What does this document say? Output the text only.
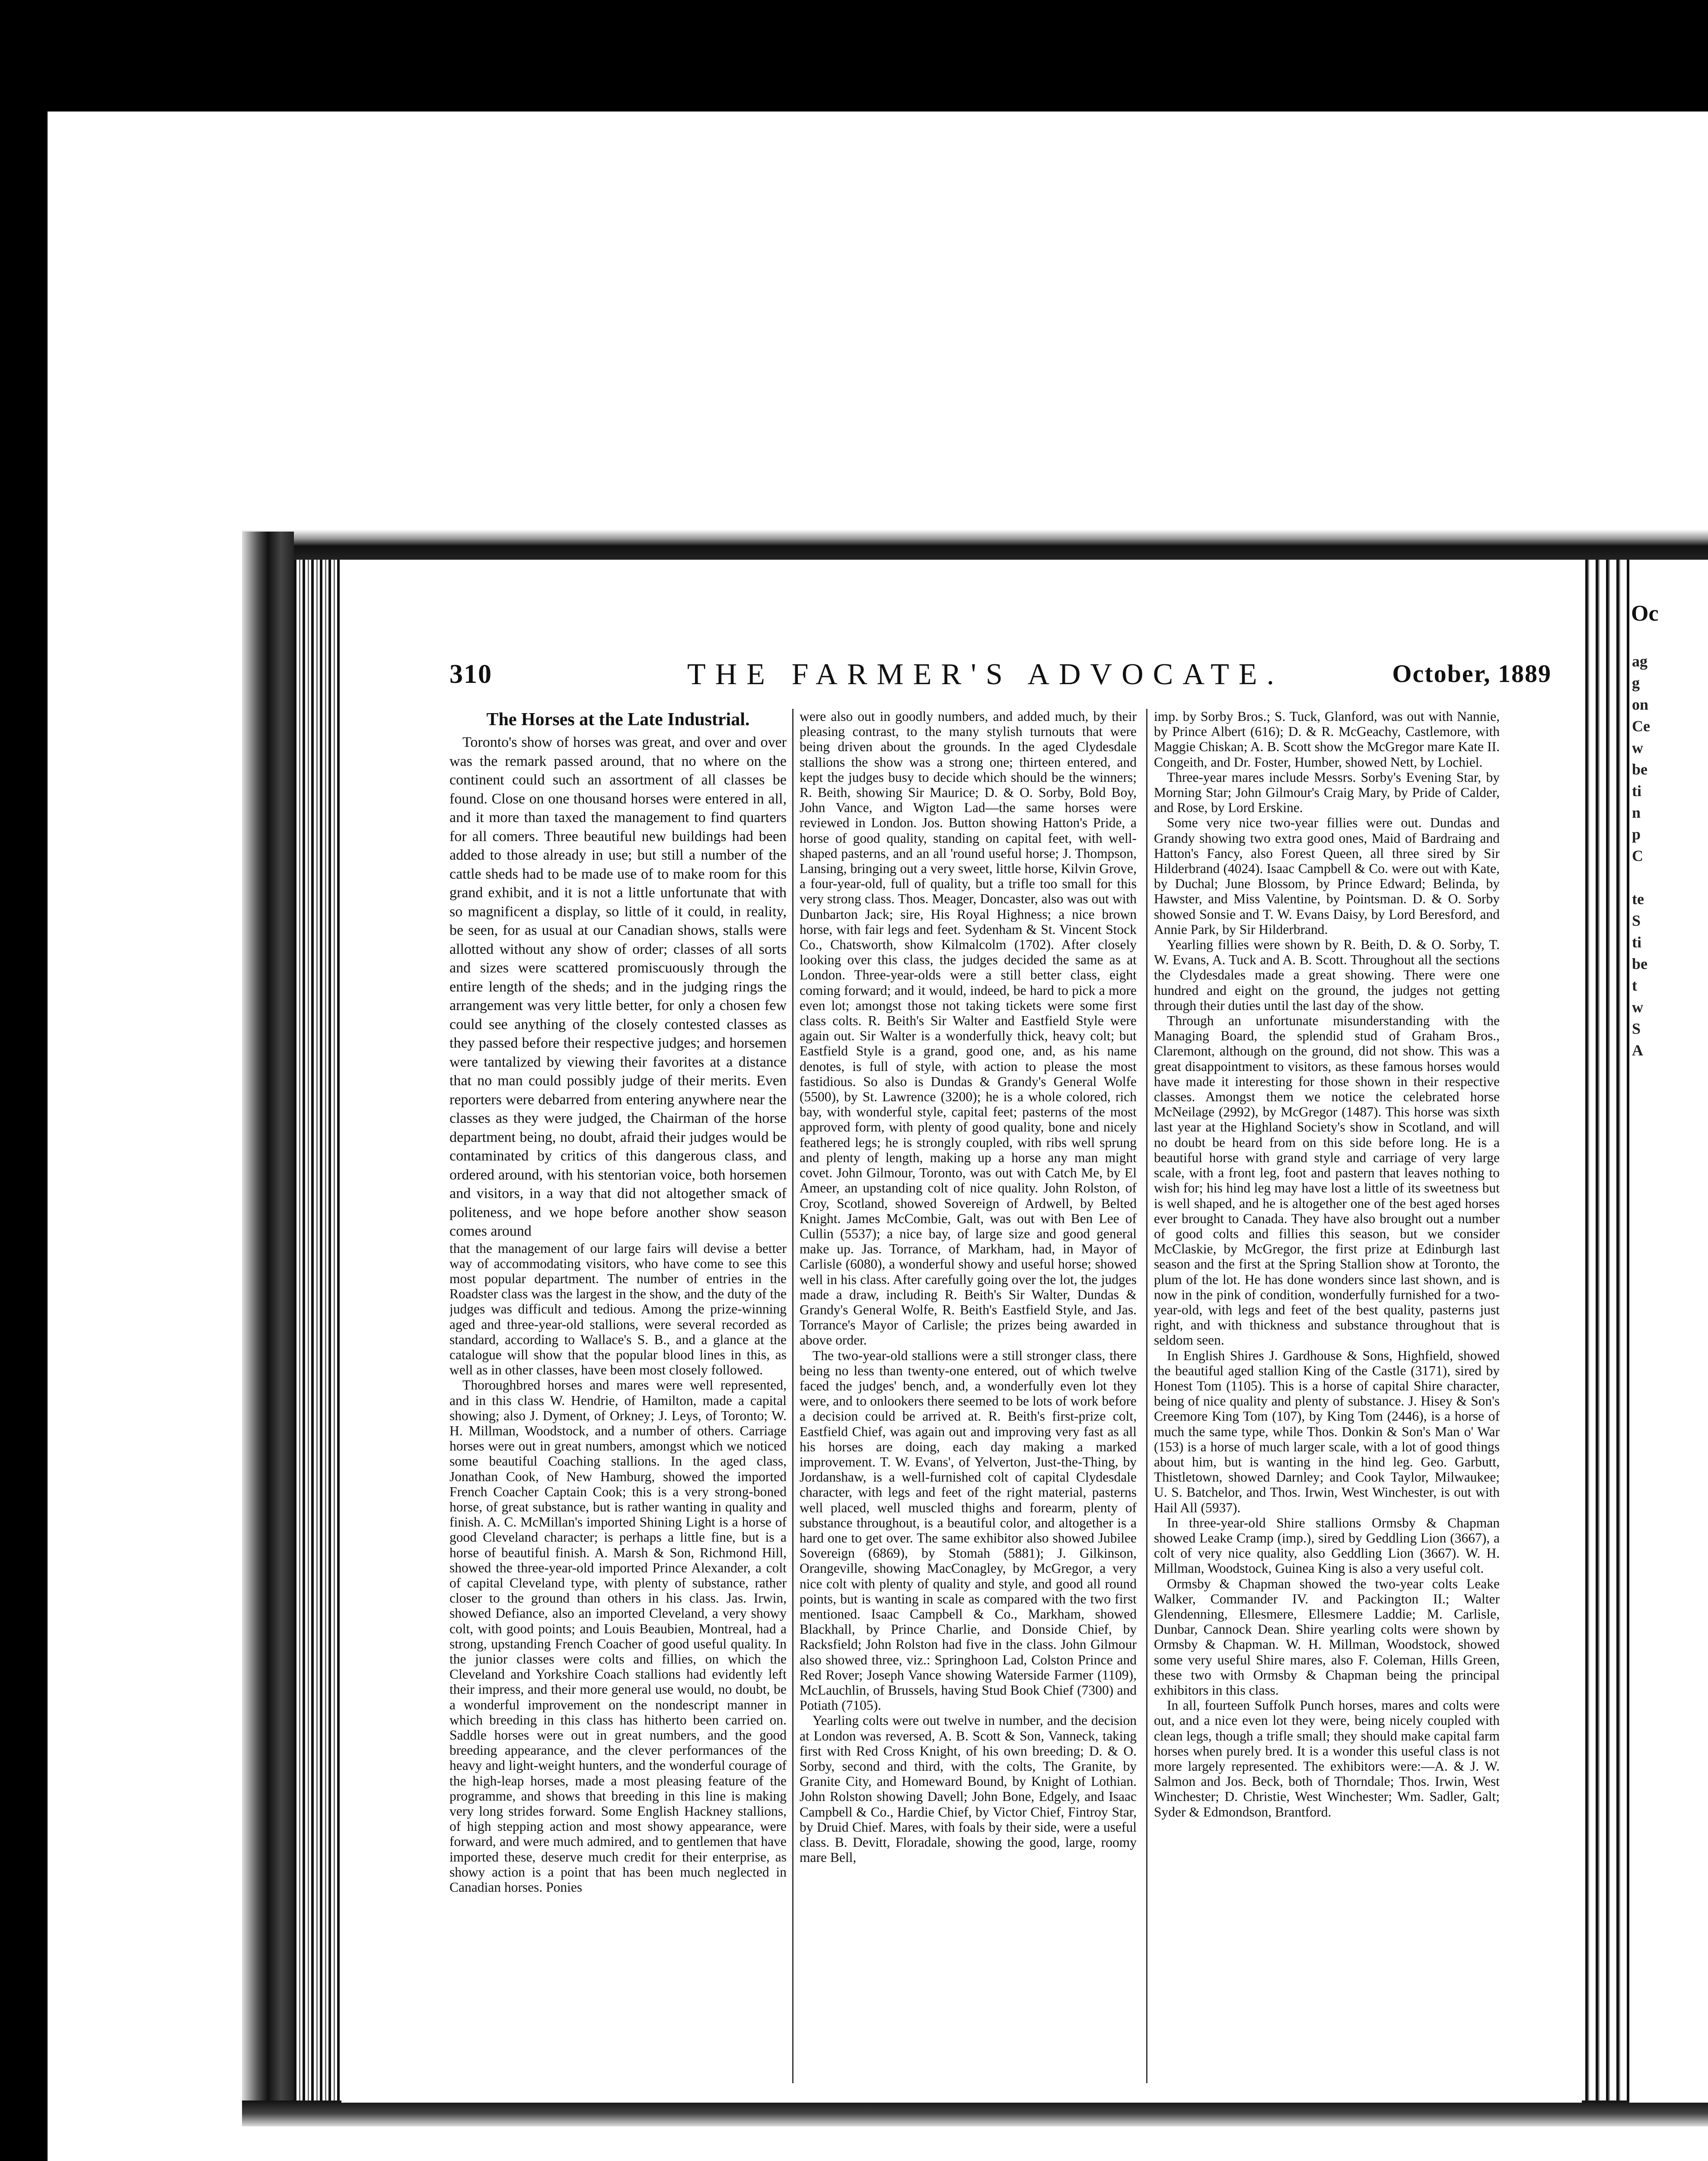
Oc
ag
g
on
Ce
w
be
ti
n
p
C

te
S
ti
be
t
w
S
A
310	THE FARMER'S ADVOCATE.	October, 1889
The Horses at the Late Industrial.

Toronto's show of horses was great, and over and over was the remark passed around, that no where on the continent could such an assortment of all classes be found. Close on one thousand horses were entered in all, and it more than taxed the management to find quarters for all comers. Three beautiful new buildings had been added to those already in use; but still a number of the cattle sheds had to be made use of to make room for this grand exhibit, and it is not a little unfortunate that with so magnificent a display, so little of it could, in reality, be seen, for as usual at our Canadian shows, stalls were allotted without any show of order; classes of all sorts and sizes were scattered promiscuously through the entire length of the sheds; and in the judging rings the arrangement was very little better, for only a chosen few could see anything of the closely contested classes as they passed before their respective judges; and horsemen were tantalized by viewing their favorites at a distance that no man could possibly judge of their merits. Even reporters were debarred from entering anywhere near the classes as they were judged, the Chairman of the horse department being, no doubt, afraid their judges would be contaminated by critics of this dangerous class, and ordered around, with his stentorian voice, both horsemen and visitors, in a way that did not altogether smack of politeness, and we hope before another show season comes around

that the management of our large fairs will devise a better way of accommodating visitors, who have come to see this most popular department. The number of entries in the Roadster class was the largest in the show, and the duty of the judges was difficult and tedious. Among the prize-winning aged and three-year-old stallions, were several recorded as standard, according to Wallace's S. B., and a glance at the catalogue will show that the popular blood lines in this, as well as in other classes, have been most closely followed.

Thoroughbred horses and mares were well represented, and in this class W. Hendrie, of Hamilton, made a capital showing; also J. Dyment, of Orkney; J. Leys, of Toronto; W. H. Millman, Woodstock, and a number of others. Carriage horses were out in great numbers, amongst which we noticed some beautiful Coaching stallions. In the aged class, Jonathan Cook, of New Hamburg, showed the imported French Coacher Captain Cook; this is a very strong-boned horse, of great substance, but is rather wanting in quality and finish. A. C. McMillan's imported Shining Light is a horse of good Cleveland character; is perhaps a little fine, but is a horse of beautiful finish. A. Marsh & Son, Richmond Hill, showed the three-year-old imported Prince Alexander, a colt of capital Cleveland type, with plenty of substance, rather closer to the ground than others in his class. Jas. Irwin, showed Defiance, also an imported Cleveland, a very showy colt, with good points; and Louis Beaubien, Montreal, had a strong, upstanding French Coacher of good useful quality. In the junior classes were colts and fillies, on which the Cleveland and Yorkshire Coach stallions had evidently left their impress, and their more general use would, no doubt, be a wonderful improvement on the nondescript manner in which breeding in this class has hitherto been carried on. Saddle horses were out in great numbers, and the good breeding appearance, and the clever performances of the heavy and light-weight hunters, and the wonderful courage of the high-leap horses, made a most pleasing feature of the programme, and shows that breeding in this line is making very long strides forward. Some English Hackney stallions, of high stepping action and most showy appearance, were forward, and were much admired, and to gentlemen that have imported these, deserve much credit for their enterprise, as showy action is a point that has been much neglected in Canadian horses. Ponies

were also out in goodly numbers, and added much, by their pleasing contrast, to the many stylish turnouts that were being driven about the grounds. In the aged Clydesdale stallions the show was a strong one; thirteen entered, and kept the judges busy to decide which should be the winners; R. Beith, showing Sir Maurice; D. & O. Sorby, Bold Boy, John Vance, and Wigton Lad—the same horses were reviewed in London. Jos. Button showing Hatton's Pride, a horse of good quality, standing on capital feet, with well-shaped pasterns, and an all 'round useful horse; J. Thompson, Lansing, bringing out a very sweet, little horse, Kilvin Grove, a four-year-old, full of quality, but a trifle too small for this very strong class. Thos. Meager, Doncaster, also was out with Dunbarton Jack; sire, His Royal Highness; a nice brown horse, with fair legs and feet. Sydenham & St. Vincent Stock Co., Chatsworth, show Kilmalcolm (1702). After closely looking over this class, the judges decided the same as at London. Three-year-olds were a still better class, eight coming forward; and it would, indeed, be hard to pick a more even lot; amongst those not taking tickets were some first class colts. R. Beith's Sir Walter and Eastfield Style were again out. Sir Walter is a wonderfully thick, heavy colt; but Eastfield Style is a grand, good one, and, as his name denotes, is full of style, with action to please the most fastidious. So also is Dundas & Grandy's General Wolfe (5500), by St. Lawrence (3200); he is a whole colored, rich bay, with wonderful style, capital feet; pasterns of the most approved form, with plenty of good quality, bone and nicely feathered legs; he is strongly coupled, with ribs well sprung and plenty of length, making up a horse any man might covet. John Gilmour, Toronto, was out with Catch Me, by El Ameer, an upstanding colt of nice quality. John Rolston, of Croy, Scotland, showed Sovereign of Ardwell, by Belted Knight. James McCombie, Galt, was out with Ben Lee of Cullin (5537); a nice bay, of large size and good general make up. Jas. Torrance, of Markham, had, in Mayor of Carlisle (6080), a wonderful showy and useful horse; showed well in his class. After carefully going over the lot, the judges made a draw, including R. Beith's Sir Walter, Dundas & Grandy's General Wolfe, R. Beith's Eastfield Style, and Jas. Torrance's Mayor of Carlisle; the prizes being awarded in above order.

The two-year-old stallions were a still stronger class, there being no less than twenty-one entered, out of which twelve faced the judges' bench, and, a wonderfully even lot they were, and to onlookers there seemed to be lots of work before a decision could be arrived at. R. Beith's first-prize colt, Eastfield Chief, was again out and improving very fast as all his horses are doing, each day making a marked improvement. T. W. Evans', of Yelverton, Just-the-Thing, by Jordanshaw, is a well-furnished colt of capital Clydesdale character, with legs and feet of the right material, pasterns well placed, well muscled thighs and forearm, plenty of substance throughout, is a beautiful color, and altogether is a hard one to get over. The same exhibitor also showed Jubilee Sovereign (6869), by Stomah (5881); J. Gilkinson, Orangeville, showing MacConagley, by McGregor, a very nice colt with plenty of quality and style, and good all round points, but is wanting in scale as compared with the two first mentioned. Isaac Campbell & Co., Markham, showed Blackhall, by Prince Charlie, and Donside Chief, by Racksfield; John Rolston had five in the class. John Gilmour also showed three, viz.: Springhoon Lad, Colston Prince and Red Rover; Joseph Vance showing Waterside Farmer (1109), McLauchlin, of Brussels, having Stud Book Chief (7300) and Potiath (7105).

Yearling colts were out twelve in number, and the decision at London was reversed, A. B. Scott & Son, Vanneck, taking first with Red Cross Knight, of his own breeding; D. & O. Sorby, second and third, with the colts, The Granite, by Granite City, and Homeward Bound, by Knight of Lothian. John Rolston showing Davell; John Bone, Edgely, and Isaac Campbell & Co., Hardie Chief, by Victor Chief, Fintroy Star, by Druid Chief. Mares, with foals by their side, were a useful class. B. Devitt, Floradale, showing the good, large, roomy mare Bell,

imp. by Sorby Bros.; S. Tuck, Glanford, was out with Nannie, by Prince Albert (616); D. & R. McGeachy, Castlemore, with Maggie Chiskan; A. B. Scott show the McGregor mare Kate II. Congeith, and Dr. Foster, Humber, showed Nett, by Lochiel.

Three-year mares include Messrs. Sorby's Evening Star, by Morning Star; John Gilmour's Craig Mary, by Pride of Calder, and Rose, by Lord Erskine.

Some very nice two-year fillies were out. Dundas and Grandy showing two extra good ones, Maid of Bardraing and Hatton's Fancy, also Forest Queen, all three sired by Sir Hilderbrand (4024). Isaac Campbell & Co. were out with Kate, by Duchal; June Blossom, by Prince Edward; Belinda, by Hawster, and Miss Valentine, by Pointsman. D. & O. Sorby showed Sonsie and T. W. Evans Daisy, by Lord Beresford, and Annie Park, by Sir Hilderbrand.

Yearling fillies were shown by R. Beith, D. & O. Sorby, T. W. Evans, A. Tuck and A. B. Scott. Throughout all the sections the Clydesdales made a great showing. There were one hundred and eight on the ground, the judges not getting through their duties until the last day of the show.

Through an unfortunate misunderstanding with the Managing Board, the splendid stud of Graham Bros., Claremont, although on the ground, did not show. This was a great disappointment to visitors, as these famous horses would have made it interesting for those shown in their respective classes. Amongst them we notice the celebrated horse McNeilage (2992), by McGregor (1487). This horse was sixth last year at the Highland Society's show in Scotland, and will no doubt be heard from on this side before long. He is a beautiful horse with grand style and carriage of very large scale, with a front leg, foot and pastern that leaves nothing to wish for; his hind leg may have lost a little of its sweetness but is well shaped, and he is altogether one of the best aged horses ever brought to Canada. They have also brought out a number of good colts and fillies this season, but we consider McClaskie, by McGregor, the first prize at Edinburgh last season and the first at the Spring Stallion show at Toronto, the plum of the lot. He has done wonders since last shown, and is now in the pink of condition, wonderfully furnished for a two-year-old, with legs and feet of the best quality, pasterns just right, and with thickness and substance throughout that is seldom seen.

In English Shires J. Gardhouse & Sons, Highfield, showed the beautiful aged stallion King of the Castle (3171), sired by Honest Tom (1105). This is a horse of capital Shire character, being of nice quality and plenty of substance. J. Hisey & Son's Creemore King Tom (107), by King Tom (2446), is a horse of much the same type, while Thos. Donkin & Son's Man o' War (153) is a horse of much larger scale, with a lot of good things about him, but is wanting in the hind leg. Geo. Garbutt, Thistletown, showed Darnley; and Cook Taylor, Milwaukee; U. S. Batchelor, and Thos. Irwin, West Winchester, is out with Hail All (5937).

In three-year-old Shire stallions Ormsby & Chapman showed Leake Cramp (imp.), sired by Geddling Lion (3667), a colt of very nice quality, also Geddling Lion (3667). W. H. Millman, Woodstock, Guinea King is also a very useful colt.

Ormsby & Chapman showed the two-year colts Leake Walker, Commander IV. and Packington II.; Walter Glendenning, Ellesmere, Ellesmere Laddie; M. Carlisle, Dunbar, Cannock Dean. Shire yearling colts were shown by Ormsby & Chapman. W. H. Millman, Woodstock, showed some very useful Shire mares, also F. Coleman, Hills Green, these two with Ormsby & Chapman being the principal exhibitors in this class.

In all, fourteen Suffolk Punch horses, mares and colts were out, and a nice even lot they were, being nicely coupled with clean legs, though a trifle small; they should make capital farm horses when purely bred. It is a wonder this useful class is not more largely represented. The exhibitors were:—A. & J. W. Salmon and Jos. Beck, both of Thorndale; Thos. Irwin, West Winchester; D. Christie, West Winchester; Wm. Sadler, Galt; Syder & Edmondson, Brantford.
